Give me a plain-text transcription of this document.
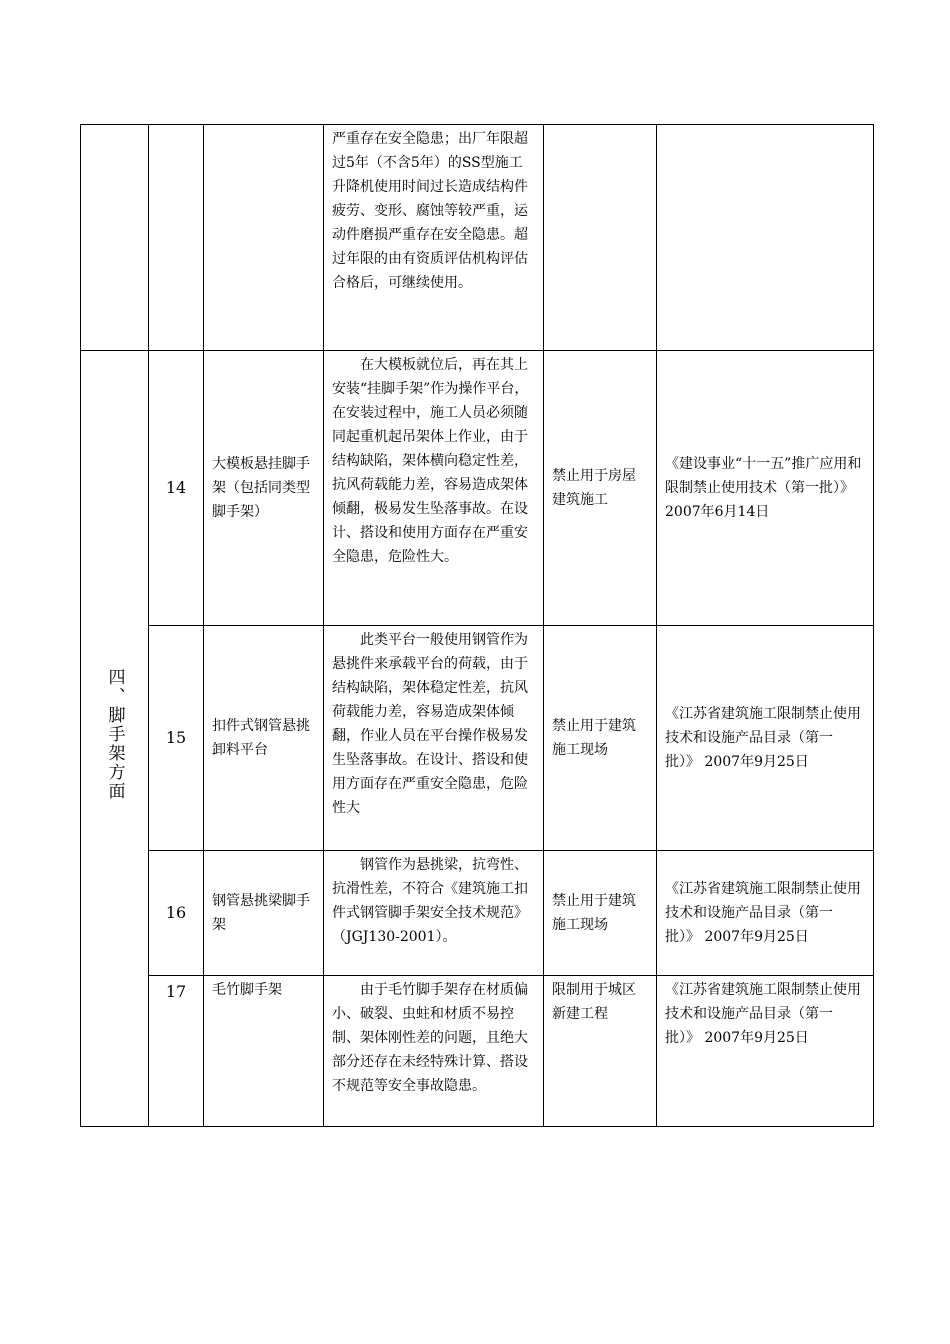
			严重存在安全隐患；出厂年限超过5年（不含5年）的SS型施工升降机使用时间过长造成结构件疲劳、变形、腐蚀等较严重，运动件磨损严重存在安全隐患。超过年限的由有资质评估机构评估合格后，可继续使用。		
四、脚手架方面	14	大模板悬挂脚手架（包括同类型脚手架）	在大模板就位后，再在其上安装“挂脚手架”作为操作平台，在安装过程中，施工人员必须随同起重机起吊架体上作业，由于结构缺陷，架体横向稳定性差，抗风荷载能力差，容易造成架体倾翻，极易发生坠落事故。在设计、搭设和使用方面存在严重安全隐患，危险性大。	禁止用于房屋建筑施工	《建设事业“十一五”推广应用和限制禁止使用技术（第一批）》 2007年6月14日
	15	扣件式钢管悬挑卸料平台	此类平台一般使用钢管作为悬挑件来承载平台的荷载，由于结构缺陷，架体稳定性差，抗风荷载能力差，容易造成架体倾翻，作业人员在平台操作极易发生坠落事故。在设计、搭设和使用方面存在严重安全隐患，危险性大	禁止用于建筑施工现场	《江苏省建筑施工限制禁止使用技术和设施产品目录（第一批）》 2007年9月25日
	16	钢管悬挑梁脚手架	钢管作为悬挑梁，抗弯性、抗滑性差，不符合《建筑施工扣件式钢管脚手架安全技术规范》（JGJ130-2001）。	禁止用于建筑施工现场	《江苏省建筑施工限制禁止使用技术和设施产品目录（第一批）》 2007年9月25日
	17	毛竹脚手架	由于毛竹脚手架存在材质偏小、破裂、虫蛀和材质不易控制、架体刚性差的问题，且绝大部分还存在未经特殊计算、搭设不规范等安全事故隐患。	限制用于城区新建工程	《江苏省建筑施工限制禁止使用技术和设施产品目录（第一批）》 2007年9月25日
